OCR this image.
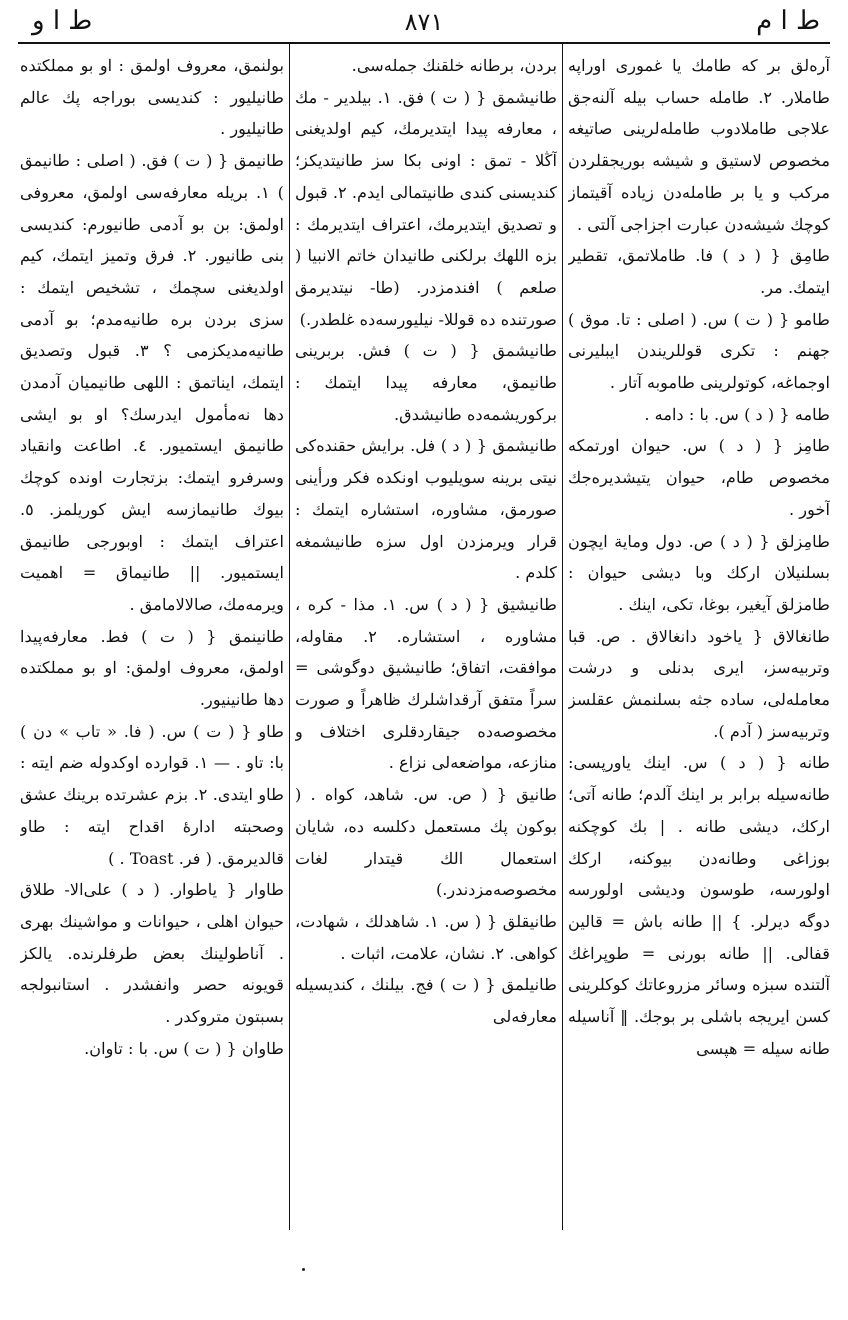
ط ا و	۸۷۱	ط ا م

آره‌لق بر که طامك يا غمورى اوراپه طاملار. ٢. طامله حساب بيله آلنه‌جق علاجى طاملادوب طامله‌لرينى صاتيغه مخصوص لاستيق و شيشه بوريجقلردن مركب و يا بر طامله‌دن زياده آقيتماز كوچك شيشه‌دن عبارت اجزاجى آلتى .

طامِق { ( د ) فا. طاملاتمق، تقطير ايتمك. مر.

طامو { ( ت ) س. ( اصلى : تا. موق ) جهنم : تكرى قوللريندن ايبليرنى اوجماغه، كوتولرينى طاموبه آتار .

طامه { ( د ) س. با : دامه .

طامِز { ( د ) س. حيوان اورتمكه مخصوص طام، حيوان يتيشديره‌جك آخور .

طامِزلق { ( د ) ص. دول وماية ايچون بسلنيلان اركك وبا ديشى حيوان : طامزلق آيغير، بوغا، تكى، اينك .

طانغالاق { ياخود دانغالاق . ص. قبا وتربيه‌سز، ايرى بدنلى و درشت معامله‌لى، ساده جثه بسلنمش عقلسز وتربيه‌سز ( آدم ).

طانه { ( د ) س. اينك ياورپسى: طانه‌سيله برابر بر اينك آلدم؛ طانه آتى؛ اركك، ديشى طانه . | بك كوچكنه بوزاغى وطانه‌دن بيوكنه، اركك اولورسه، طوسون وديشى اولورسه دوگه ديرلر. } || طانه باش = قالين قفالى. || طانه بورنى = طوپراغك آلتنده سبزه وسائر مزروعاتك كوكلرينى كسن ايريجه باشلى بر بوجك. ‖ آناسيله طانه سيله = هپسى

بردن، برطانه خلقنك جمله‌سى.

طانيشمق { ( ت ) فق. ١. بيلدير - مك ، معارفه پيدا ايتديرمك، كيم اولديغنى آڭلا - تمق : اونى بكا سز طانيتديكز؛ كنديسنى كندى طانيتمالى ايدم. ٢. قبول و تصديق ايتديرمك، اعتراف ايتديرمك : بزه اللهك برلكنى طانيدان خاتم الانبيا ( صلعم ) افندمزدر. (طا- نيتديرمق صورتنده ده قوللا- نيليورسه‌ده غلطدر.)

طانيشمق { ( ت ) فش. بربرينى طانيمق، معارفه پيدا ايتمك : بركوريشمه‌ده طانيشدق.

طانيشمق { ( د ) فل. برايش حقنده‌كى نيتى برينه سويليوب اونكده فكر ورأينى صورمق، مشاوره، استشاره ايتمك : قرار ويرمزدن اول سزه طانيشمغه كلدم .

طانيشيق { ( د ) س. ١. مذا - كره ، مشاوره ، استشاره. ٢. مقاوله، موافقت، اتفاق؛ طانيشيق دوگوشى = سراً متفق آرقداشلرك ظاهراً و صورت مخصوصه‌ده جيقاردقلرى اختلاف و منازعه، مواضعه‌لى نزاع .

طانيق { ( ص. س. شاهد، كواه . ( بوكون پك مستعمل دكلسه ده، شايان استعمال الك قيتدار لغات مخصوصه‌مزدندر.)

طانيقلق { ( س. ١. شاهدلك ، شهادت، كواهى. ٢. نشان، علامت، اثبات .

طانيلمق { ( ت ) فج. بيلنك ، كنديسيله معارفه‌لى

بولنمق، معروف اولمق : او بو مملكتده طانيليور : كنديسى بوراجه پك عالم طانيليور .

طانيمق { ( ت ) فق. ( اصلى : طانيمق ) ١. بريله معارفه‌سى اولمق، معروفى اولمق: بن بو آدمى طانيورم: كنديسى بنى طانيور. ٢. فرق وتميز ايتمك، كيم اولديغنى سچمك ، تشخيص ايتمك : سزى بردن بره طانيه‌مدم؛ بو آدمى طانيه‌مديكزمى ؟ ٣. قبول وتصديق ايتمك، ايناتمق : اللهى طانيميان آدمدن دها نه‌مأمول ايدرسك؟ او بو ايشى طانيمق ايستميور. ٤. اطاعت وانقياد وسرفرو ايتمك: بزتجارت اونده كوچك بيوك طانيمازسه ايش كوريلمز. ٥. اعتراف ايتمك : اوبورجى طانيمق ايستميور. || طانيماق = اهميت ويرمه‌مك، صالالامامق .

طانينمق { ( ت ) فط. معارفه‌پيدا اولمق، معروف اولمق: او بو مملكتده دها طانينيور.

طاو { ( ت ) س. ( فا. « تاب » دن ) با: تاو . — ١. قوارده اوكدوله ضم ايته : طاو ايتدى. ٢. بزم عشرتده برينك عشق وصحبته ادارهٔ اقداح ايته : طاو قالديرمق. ( فر. Toast . )

طاوار { ياطوار. ( د ) على‌الا- طلاق حيوان اهلى ، حيوانات و مواشينك بهرى . آناطولينك بعض طرفلرنده. يالكز قويونه حصر وانفشدر . استانبولجه بسبتون متروكدر .

طاوان { ( ت ) س. با : تاوان.
